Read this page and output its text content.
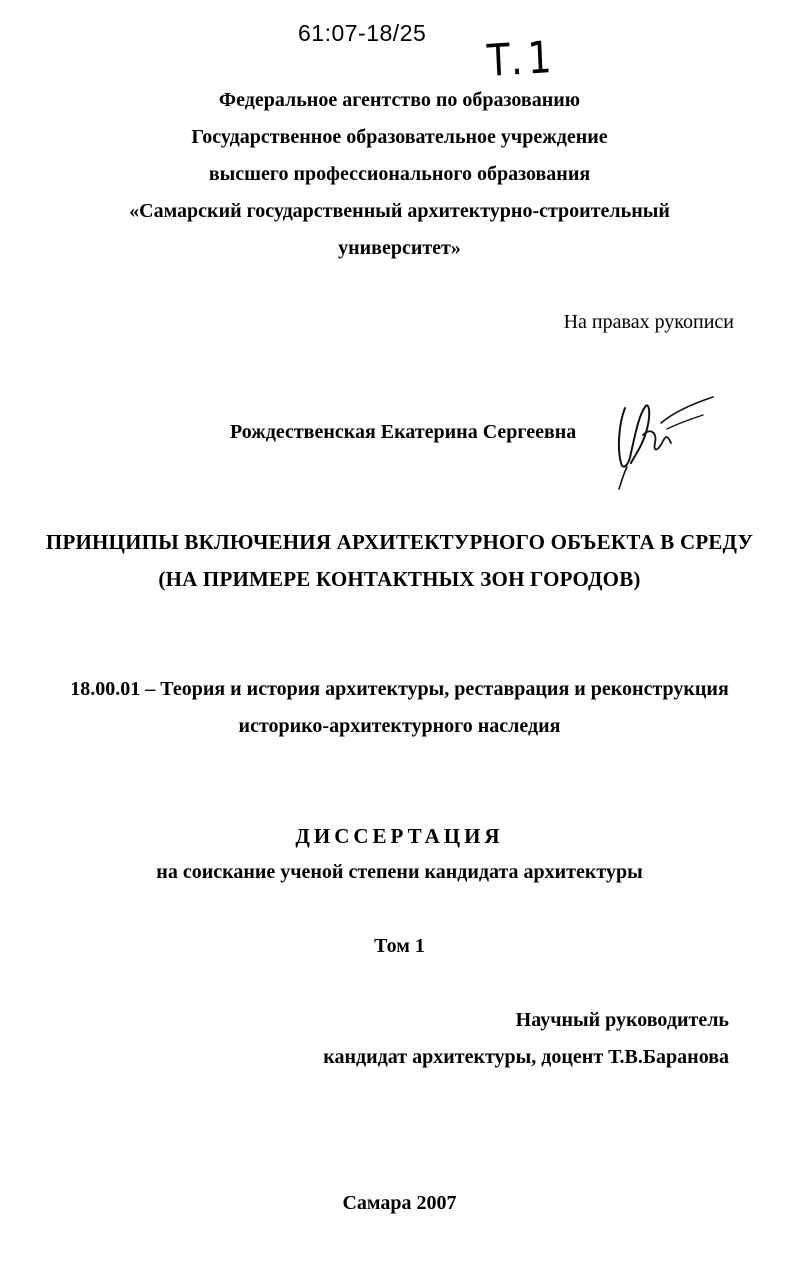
61:07-18/25 T.1
Федеральное агентство по образованию
Государственное образовательное учреждение
высшего профессионального образования
«Самарский государственный архитектурно-строительный
университет»
На правах рукописи
Рождественская Екатерина Сергеевна
ПРИНЦИПЫ ВКЛЮЧЕНИЯ АРХИТЕКТУРНОГО ОБЪЕКТА В СРЕДУ
(НА ПРИМЕРЕ КОНТАКТНЫХ ЗОН ГОРОДОВ)
18.00.01 – Теория и история архитектуры, реставрация и реконструкция
историко-архитектурного наследия
ДИССЕРТАЦИЯ
на соискание ученой степени кандидата архитектуры
Том 1
Научный руководитель
кандидат архитектуры, доцент Т.В.Баранова
Самара 2007
